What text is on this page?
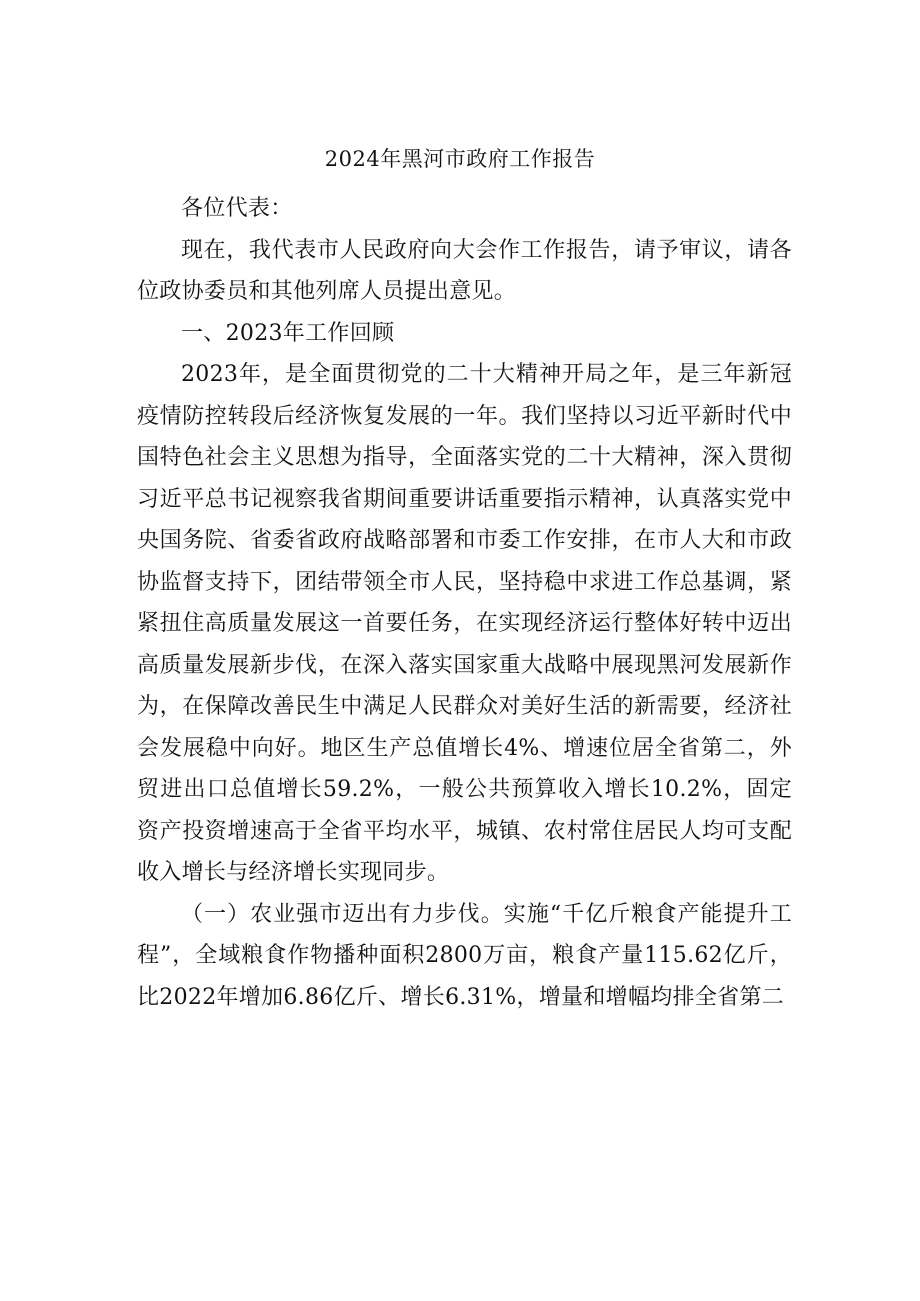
2024年黑河市政府工作报告

各位代表：

现在，我代表市人民政府向大会作工作报告，请予审议，请各位政协委员和其他列席人员提出意见。

一、2023年工作回顾

2023年，是全面贯彻党的二十大精神开局之年，是三年新冠疫情防控转段后经济恢复发展的一年。我们坚持以习近平新时代中国特色社会主义思想为指导，全面落实党的二十大精神，深入贯彻习近平总书记视察我省期间重要讲话重要指示精神，认真落实党中央国务院、省委省政府战略部署和市委工作安排，在市人大和市政协监督支持下，团结带领全市人民，坚持稳中求进工作总基调，紧紧扭住高质量发展这一首要任务，在实现经济运行整体好转中迈出高质量发展新步伐，在深入落实国家重大战略中展现黑河发展新作为，在保障改善民生中满足人民群众对美好生活的新需要，经济社会发展稳中向好。地区生产总值增长4%、增速位居全省第二，外贸进出口总值增长59.2%，一般公共预算收入增长10.2%，固定资产投资增速高于全省平均水平，城镇、农村常住居民人均可支配收入增长与经济增长实现同步。

（一）农业强市迈出有力步伐。实施“千亿斤粮食产能提升工程”，全域粮食作物播种面积2800万亩，粮食产量115.62亿斤，比2022年增加6.86亿斤、增长6.31%，增量和增幅均排全省第二
